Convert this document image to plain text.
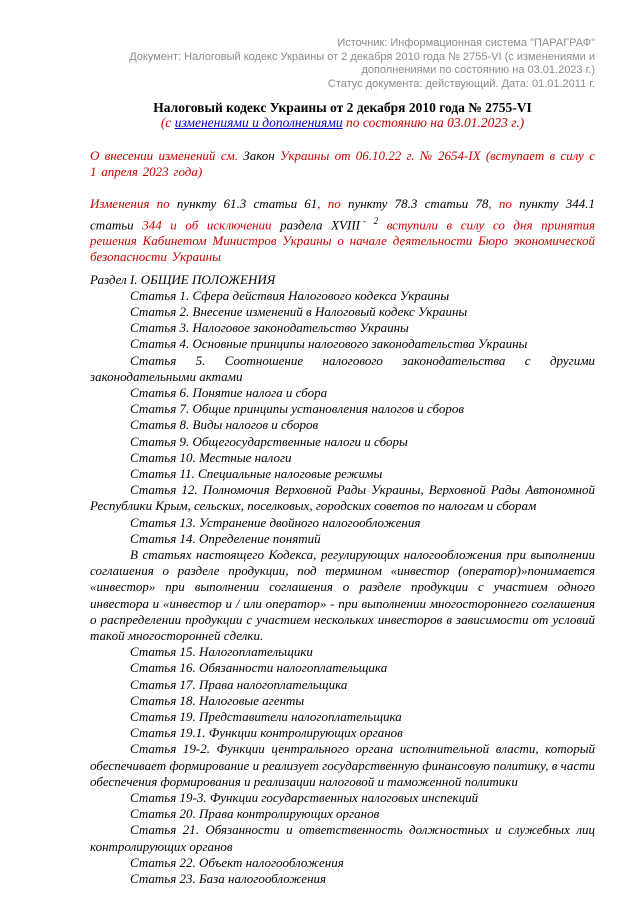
Источник: Информационная система "ПАРАГРАФ"
Документ: Налоговый кодекс Украины от 2 декабря 2010 года № 2755-VI (с изменениями и дополнениями по состоянию на 03.01.2023 г.)
Статус документа: действующий. Дата: 01.01.2011 г.
Налоговый кодекс Украины от 2 декабря 2010 года № 2755-VI
(с изменениями и дополнениями по состоянию на 03.01.2023 г.)

О внесении изменений см. Закон Украины от 06.10.22 г. № 2654-IX (вступает в силу с 1 апреля 2023 года)

Изменения по пункту 61.3 статьи 61, по пункту 78.3 статьи 78, по пункту 344.1 статьи 344 и об исключении раздела XVIII $^{- 2}$ вступили в силу со дня принятия решения Кабинетом Министров Украины о начале деятельности Бюро экономической безопасности Украины

Раздел I. ОБЩИЕ ПОЛОЖЕНИЯ

Статья 1. Сфера действия Налогового кодекса Украины

Статья 2. Внесение изменений в Налоговый кодекс Украины

Статья 3. Налоговое законодательство Украины

Статья 4. Основные принципы налогового законодательства Украины

Статья 5. Соотношение налогового законодательства с другими законодательными актами

Статья 6. Понятие налога и сбора

Статья 7. Общие принципы установления налогов и сборов

Статья 8. Виды налогов и сборов

Статья 9. Общегосударственные налоги и сборы

Статья 10. Местные налоги

Статья 11. Специальные налоговые режимы

Статья 12. Полномочия Верховной Рады Украины, Верховной Рады Автономной Республики Крым, сельских, поселковых, городских советов по налогам и сборам

Статья 13. Устранение двойного налогообложения

Статья 14. Определение понятий

В статьях настоящего Кодекса, регулирующих налогообложения при выполнении соглашения о разделе продукции, под термином «инвестор (оператор)»понимается «инвестор» при выполнении соглашения о разделе продукции с участием одного инвестора и «инвестор и / или оператор» - при выполнении многостороннего соглашения о распределении продукции с участием нескольких инвесторов в зависимости от условий такой многосторонней сделки.

Статья 15. Налогоплательщики

Статья 16. Обязанности налогоплательщика

Статья 17. Права налогоплательщика

Статья 18. Налоговые агенты

Статья 19. Представители налогоплательщика

Статья 19.1. Функции контролирующих органов

Статья 19-2. Функции центрального органа исполнительной власти, который обеспечивает формирование и реализует государственную финансовую политику, в части обеспечения формирования и реализации налоговой и таможенной политики

Статья 19-3. Функции государственных налоговых инспекций

Статья 20. Права контролирующих органов

Статья 21. Обязанности и ответственность должностных и служебных лиц контролирующих органов

Статья 22. Объект налогообложения

Статья 23. База налогообложения
